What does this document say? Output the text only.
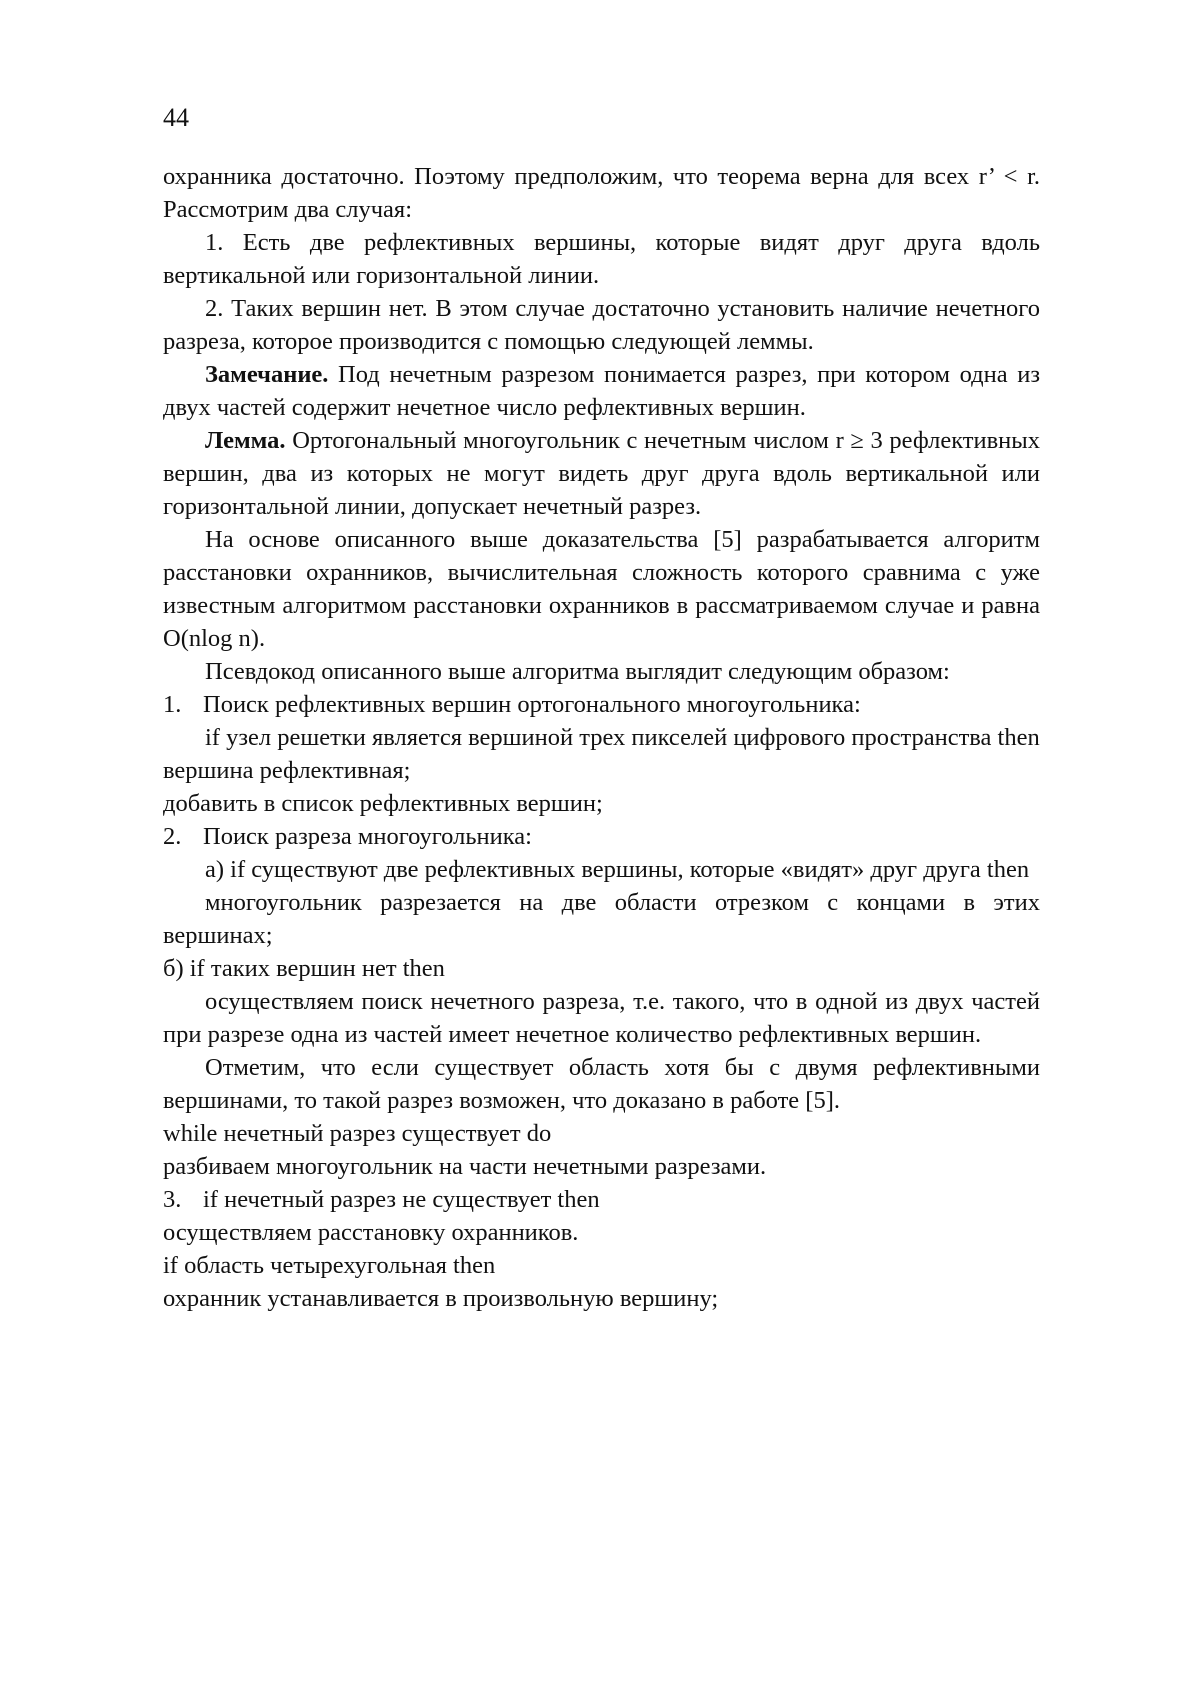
44

охранника достаточно. Поэтому предположим, что теорема верна для всех r’ < r. Рассмотрим два случая:

1. Есть две рефлективных вершины, которые видят друг друга вдоль вертикальной или горизонтальной линии.

2. Таких вершин нет. В этом случае достаточно установить наличие нечетного разреза, которое производится с помощью следующей леммы.

Замечание. Под нечетным разрезом понимается разрез, при котором одна из двух частей содержит нечетное число рефлективных вершин.

Лемма. Ортогональный многоугольник с нечетным числом r ≥ 3 рефлективных вершин, два из которых не могут видеть друг друга вдоль вертикальной или горизонтальной линии, допускает нечетный разрез.

На основе описанного выше доказательства [5] разрабатывается алгоритм расстановки охранников, вычислительная сложность которого сравнима с уже известным алгоритмом расстановки охранников в рассматриваемом случае и равна O(nlog n).

Псевдокод описанного выше алгоритма выглядит следующим образом:

1. Поиск рефлективных вершин ортогонального многоугольника:

if узел решетки является вершиной трех пикселей цифрового пространства then

вершина рефлективная;

добавить в список рефлективных вершин;

2. Поиск разреза многоугольника:

а) if существуют две рефлективных вершины, которые «видят» друг друга then

многоугольник разрезается на две области отрезком с концами в этих вершинах;

б) if таких вершин нет then

осуществляем поиск нечетного разреза, т.е. такого, что в одной из двух частей при разрезе одна из частей имеет нечетное количество рефлективных вершин.

Отметим, что если существует область хотя бы с двумя рефлективными вершинами, то такой разрез возможен, что доказано в работе [5].

while нечетный разрез существует do

разбиваем многоугольник на части нечетными разрезами.

3. if нечетный разрез не существует then

осуществляем расстановку охранников.

if область четырехугольная then

охранник устанавливается в произвольную вершину;
